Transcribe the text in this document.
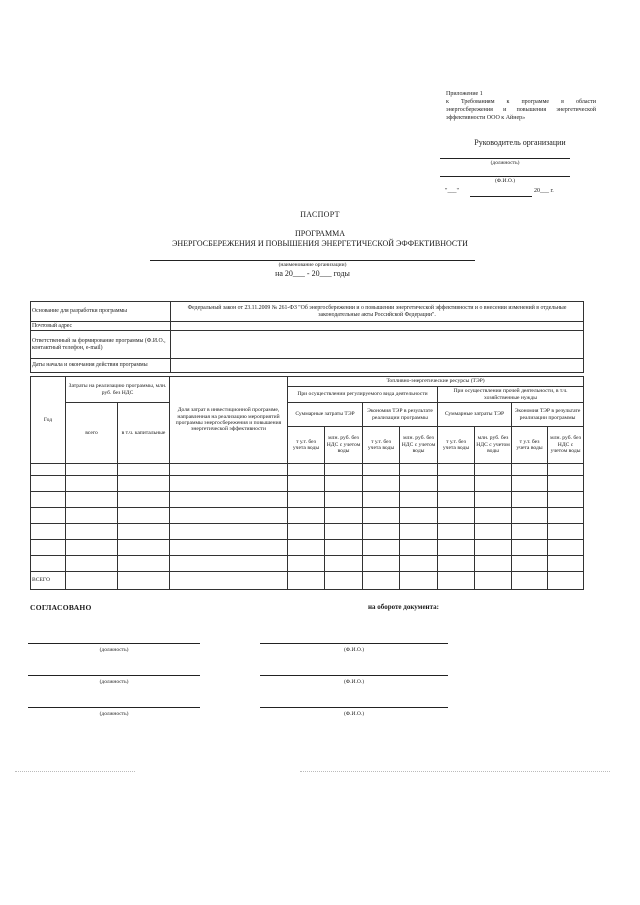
Приложение 1
к Требованиям к программе в области
энергосбережения и повышения энергетической
эффективности ООО к Айнер»
Руководитель организации
(должность)
(Ф.И.О.)
"___"	20___ г.
ПАСПОРТ
ПРОГРАММА
ЭНЕРГОСБЕРЕЖЕНИЯ И ПОВЫШЕНИЯ ЭНЕРГЕТИЧЕСКОЙ ЭФФЕКТИВНОСТИ
(наименование организации)
на 20___ - 20___ годы
Основание для разработки программы	Федеральный закон от 23.11.2009 № 261-ФЗ "Об энергосбережении и о повышении энергетической эффективности и о внесении изменений в отдельные законодательные акты Российской Федерации".
Почтовый адрес	
Ответственный за формирование программы (Ф.И.О., контактный телефон, e-mail)	
Даты начала и окончания действия программы	
Год	Затраты на реализацию программы, млн. руб. без НДС		Доля затрат в инвестиционной программе, направленная на реализацию мероприятий программы энергосбережения и повышения энергетической эффективности	Топливно-энергетические ресурсы (ТЭР)							
				При осуществлении регулируемого вида деятельности				При осуществлении прочей деятельности, в т.ч. хозяйственные нужды			
	всего	в т.ч. капитальные		Суммарные затраты ТЭР		Экономия ТЭР в результате реализации программы		Суммарные затраты ТЭР		Экономия ТЭР в результате реализации программы	
				т у.т. без учета воды	млн. руб. без НДС с учетом воды	т у.т. без учета воды	млн. руб. без НДС с учетом воды	т у.т. без учета воды	млн. руб. без НДС с учетом воды	т у.т. без учета воды	млн. руб. без НДС с учетом воды

ВСЕГО											
СОГЛАСОВАНО	на обороте документа:
(должность)	(Ф.И.О.)
(должность)	(Ф.И.О.)
(должность)	(Ф.И.О.)
